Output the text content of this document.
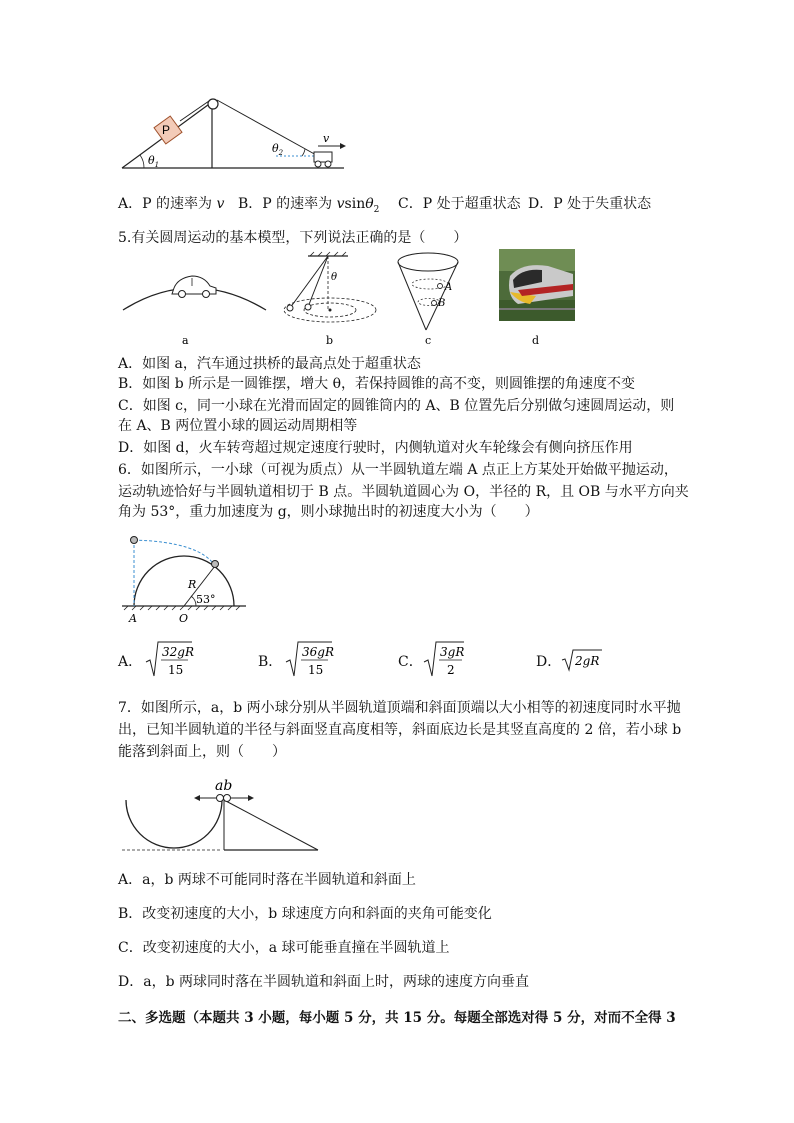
P
$\theta_1$
$\theta_2$
v
A．P 的速率为 v B．P 的速率为 vsinθ$_2$ C．P 处于超重状态 D．P 处于失重状态
5.有关圆周运动的基本模型，下列说法正确的是（　　）
a
θ
b
A
B
c	d
A．如图 a，汽车通过拱桥的最高点处于超重状态
B．如图 b 所示是一圆锥摆，增大 θ，若保持圆锥的高不变，则圆锥摆的角速度不变
C．如图 c，同一小球在光滑而固定的圆锥筒内的 A、B 位置先后分别做匀速圆周运动，则
在 A、B 两位置小球的圆运动周期相等
D．如图 d，火车转弯超过规定速度行驶时，内侧轨道对火车轮缘会有侧向挤压作用
6．如图所示，一小球（可视为质点）从一半圆轨道左端 A 点正上方某处开始做平抛运动，
运动轨迹恰好与半圆轨道相切于 B 点。半圆轨道圆心为 O，半径的 R，且 OB 与水平方向夹
角为 53°，重力加速度为 g，则小球抛出时的初速度大小为（　　）
R
53°
A	O
A．
32gR
15	B．
36gR
15	C．
3gR
2	D． 2gR
7．如图所示，a，b 两小球分别从半圆轨道顶端和斜面顶端以大小相等的初速度同时水平抛
出，已知半圆轨道的半径与斜面竖直高度相等，斜面底边长是其竖直高度的 2 倍，若小球 b
能落到斜面上，则（　　）
ab
A．a，b 两球不可能同时落在半圆轨道和斜面上
B．改变初速度的大小，b 球速度方向和斜面的夹角可能变化
C．改变初速度的大小，a 球可能垂直撞在半圆轨道上
D．a，b 两球同时落在半圆轨道和斜面上时，两球的速度方向垂直
二、多选题（本题共 3 小题，每小题 5 分，共 15 分。每题全部选对得 5 分，对而不全得 3
